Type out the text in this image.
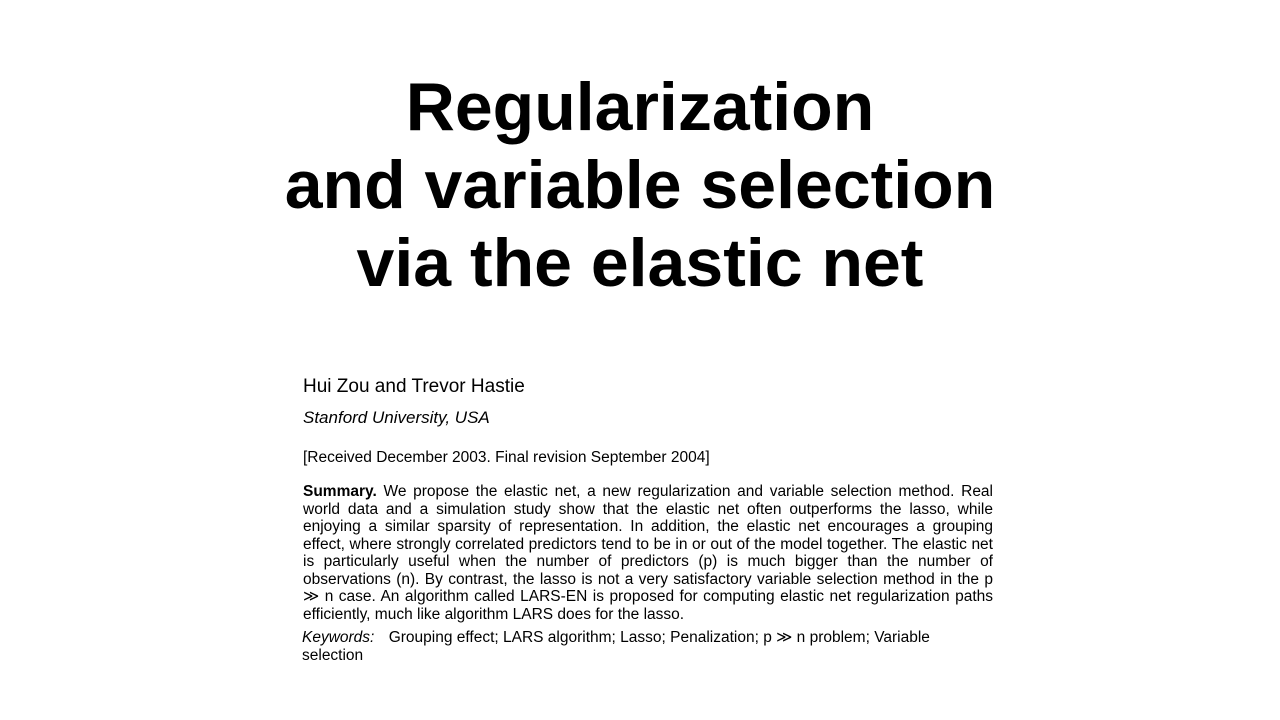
Regularization
and variable selection
via the elastic net

Hui Zou and Trevor Hastie

Stanford University, USA

[Received December 2003. Final revision September 2004]

Summary. We propose the elastic net, a new regularization and variable selection method. Real world data and a simulation study show that the elastic net often outperforms the lasso, while enjoying a similar sparsity of representation. In addition, the elastic net encourages a grouping effect, where strongly correlated predictors tend to be in or out of the model together. The elastic net is particularly useful when the number of predictors (p) is much bigger than the number of observations (n). By contrast, the lasso is not a very satisfactory variable selection method in the p ≫ n case. An algorithm called LARS-EN is proposed for computing elastic net regularization paths efficiently, much like algorithm LARS does for the lasso.

Keywords: Grouping effect; LARS algorithm; Lasso; Penalization; p ≫ n problem; Variable selection
